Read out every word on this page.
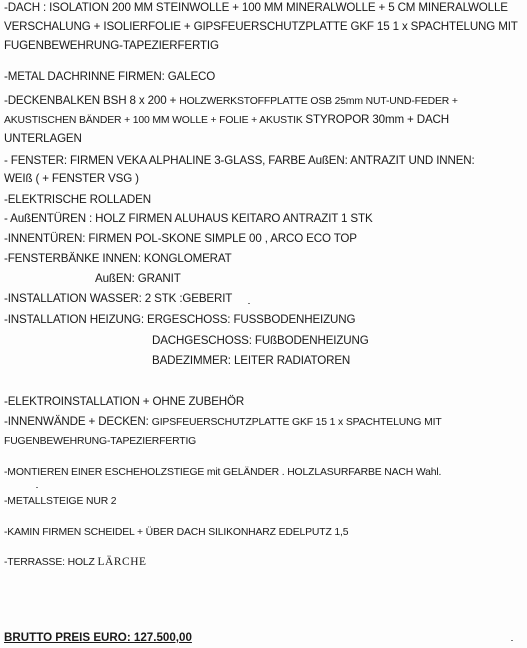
-DACH : ISOLATION 200 MM STEINWOLLE + 100 MM MINERALWOLLE + 5 CM MINERALWOLLE
VERSCHALUNG + ISOLIERFOLIE + GIPSFEUERSCHUTZPLATTE GKF 15 1 x SPACHTELUNG MIT
FUGENBEWEHRUNG-TAPEZIERFERTIG
-METAL DACHRINNE FIRMEN: GALECO
-DECKENBALKEN BSH 8 x 200 + HOLZWERKSTOFFPLATTE OSB 25mm NUT-UND-FEDER +
AKUSTISCHEN BÄNDER + 100 MM WOLLE + FOLIE + AKUSTIK STYROPOR 30mm + DACH
UNTERLAGEN
- FENSTER: FIRMEN VEKA ALPHALINE 3-GLASS, FARBE AußEN: ANTRAZIT UND INNEN:
WEIß ( + FENSTER VSG )
-ELEKTRISCHE ROLLADEN
- AußENTÜREN : HOLZ FIRMEN ALUHAUS KEITARO ANTRAZIT 1 STK
-INNENTÜREN: FIRMEN POL-SKONE SIMPLE 00 , ARCO ECO TOP
-FENSTERBÄNKE INNEN: KONGLOMERAT
AußEN: GRANIT
-INSTALLATION WASSER: 2 STK :GEBERIT
-INSTALLATION HEIZUNG: ERGESCHOSS: FUSSBODENHEIZUNG
DACHGESCHOSS: FUßBODENHEIZUNG
BADEZIMMER: LEITER RADIATOREN
-ELEKTROINSTALLATION + OHNE ZUBEHÖR
-INNENWÄNDE + DECKEN: GIPSFEUERSCHUTZPLATTE GKF 15 1 x SPACHTELUNG MIT
FUGENBEWEHRUNG-TAPEZIERFERTIG
-MONTIEREN EINER ESCHEHOLZSTIEGE mit GELÄNDER . HOLZLASURFARBE NACH Wahl.
-METALLSTEIGE NUR 2
-KAMIN FIRMEN SCHEIDEL + ÜBER DACH SILIKONHARZ EDELPUTZ 1,5
-TERRASSE: HOLZ LÄRCHE
BRUTTO PREIS EURO: 127.500,00
